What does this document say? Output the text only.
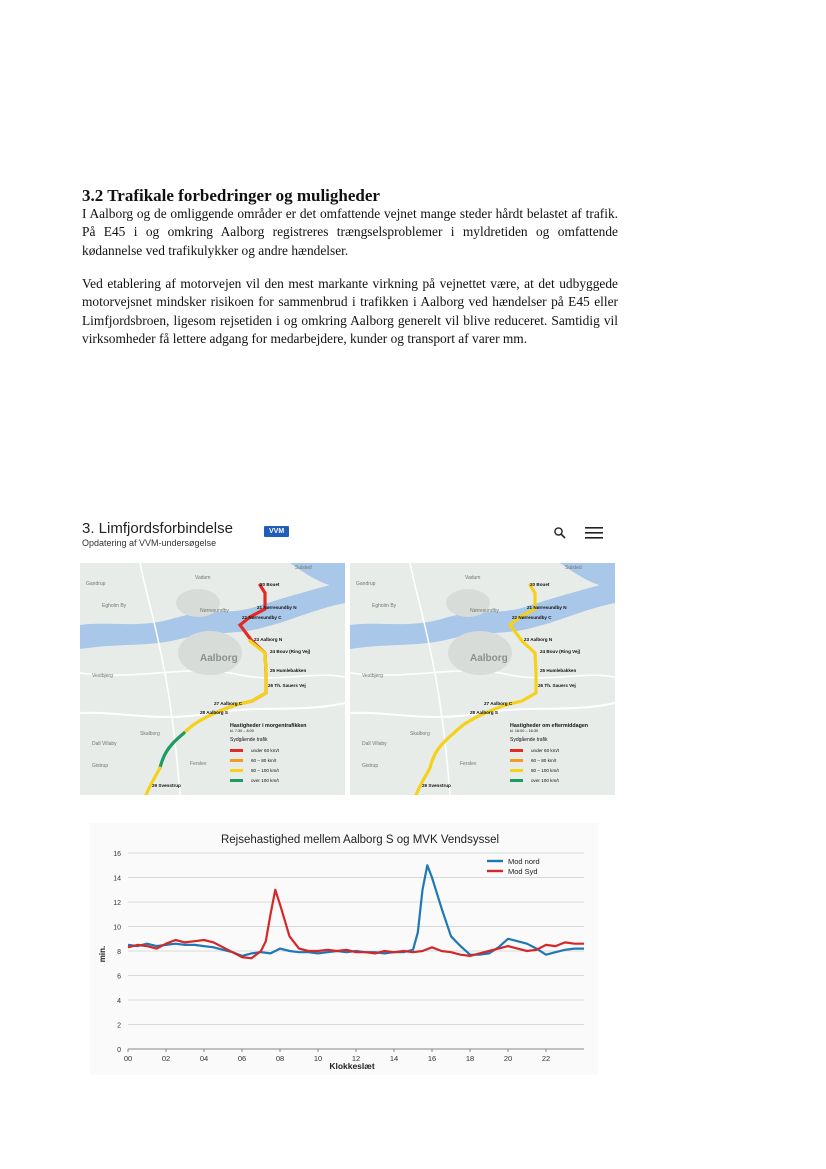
3.2 Trafikale forbedringer og muligheder

I Aalborg og de omliggende områder er det omfattende vejnet mange steder hårdt belastet af trafik. På E45 i og omkring Aalborg registreres trængselsproblemer i myldretiden og omfattende kødannelse ved trafikulykker og andre hændelser.

Ved etablering af motorvejen vil den mest markante virkning på vejnettet være, at det udbyggede motorvejsnet mindsker risikoen for sammenbrud i trafikken i Aalborg ved hændelser på E45 eller Limfjordsbroen, ligesom rejsetiden i og omkring Aalborg generelt vil blive reduceret. Samtidig vil virksomheder få lettere adgang for medarbejdere, kunder og transport af varer mm.

3. Limfjordsforbindelse	VVM
Opdatering af VVM-undersøgelse
Aalborg
Nørresundby
Egholm By
Gandrup
Vadum
Sulsted
Vestbjerg
Skalborg
Dall Villaby
Gistrup	Ferslev
20 Bouet
21 Nørresundby N
22 Nørresundby C
23 Aalborg N
24 Bouv (Ring Vej)
25 Humlebakken
26 Th. Sauers Vej
27 Aalborg C
28 Aalborg S
29 Svenstrup
Hastigheder i morgentrafikken
kl. 7:30 – 8:00
Sydgående trafik
under 60 km/t
60 – 80 km/t
80 – 100 km/t
over 100 km/t
Aalborg
Nørresundby
Egholm By
Gandrup
Vadum
Sulsted
Vestbjerg
Skalborg
Dall Villaby
Gistrup	Ferslev
20 Bouet
21 Nørresundby N
22 Nørresundby C
23 Aalborg N
24 Bouv (Ring Vej)
25 Humlebakken
26 Th. Sauers Vej
27 Aalborg C
28 Aalborg S
29 Svenstrup
Hastigheder om eftermiddagen
kl. 16:00 – 16:30
Sydgående trafik
under 60 km/t
60 – 80 km/t
80 – 100 km/t
over 100 km/t
Rejsehastighed mellem Aalborg S og MVK Vendsyssel
0
2
4
6
8
10
12
14
16
00	02	04	06	08	10	12	14	16	18	20	22
Mod nord
Mod Syd
min.
Klokkeslæt
